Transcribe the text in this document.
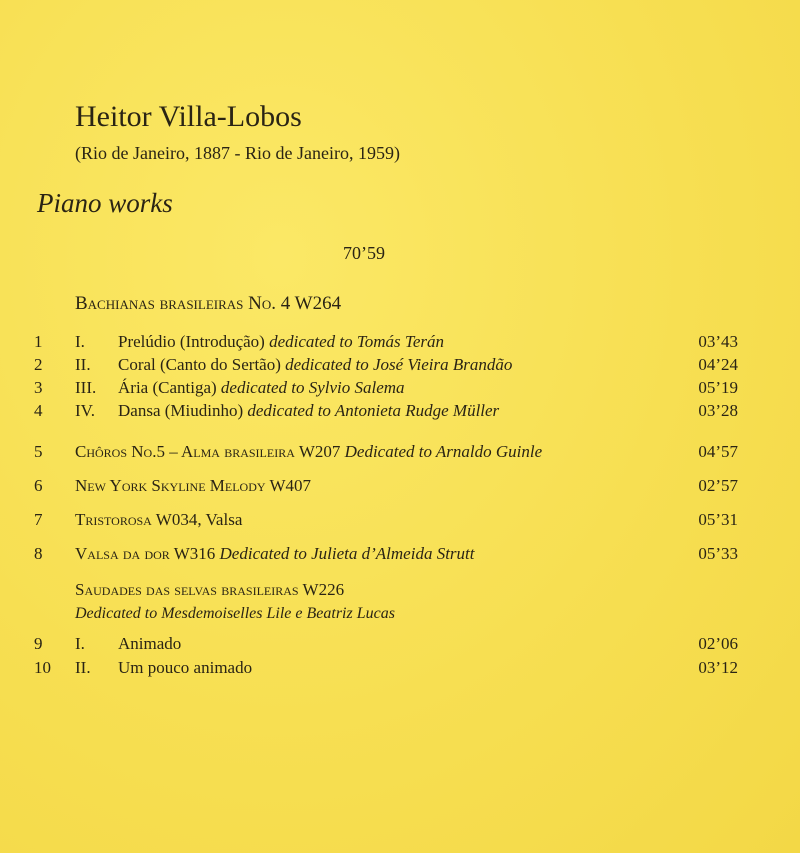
Heitor Villa-Lobos
(Rio de Janeiro, 1887 - Rio de Janeiro, 1959)
Piano works
70’59
Bachianas brasileiras No. 4 W264
1 I. Prelúdio (Introdução) dedicated to Tomás Terán	03’43
2 II. Coral (Canto do Sertão) dedicated to José Vieira Brandão	04’24
3 III. Ária (Cantiga) dedicated to Sylvio Salema	05’19
4 IV. Dansa (Miudinho) dedicated to Antonieta Rudge Müller	03’28
5 Chôros No.5 – Alma brasileira W207 Dedicated to Arnaldo Guinle	04’57
6 New York Skyline Melody W407	02’57
7 Tristorosa W034, Valsa	05’31
8 Valsa da dor W316 Dedicated to Julieta d’Almeida Strutt	05’33
Saudades das selvas brasileiras W226
Dedicated to Mesdemoiselles Lile e Beatriz Lucas
9 I. Animado	02’06
10 II. Um pouco animado	03’12
